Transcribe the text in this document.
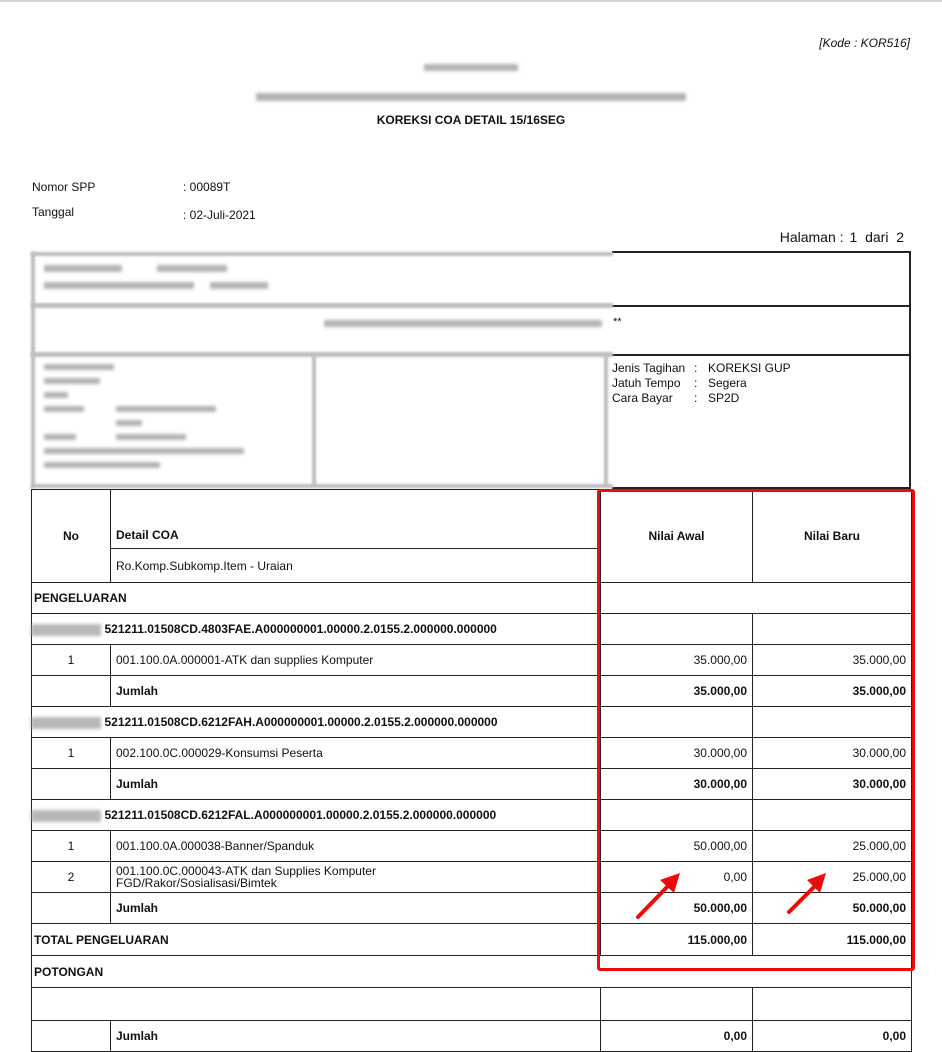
[Kode : KOR516]
KOREKSI COA DETAIL 15/16SEG
Nomor SPP	: 00089T
Tanggal	: 02-Juli-2021
Halaman : 1  dari  2
**
Jenis Tagihan : KOREKSI GUP
Jatuh Tempo	: Segera
Cara Bayar	: SP2D
No	Detail COA	Nilai Awal	Nilai Baru
	Ro.Komp.Subkomp.Item - Uraian		
PENGELUARAN			
	521211.01508CD.4803FAE.A000000001.00000.2.0155.2.000000.000000		
1	001.100.0A.000001-ATK dan supplies Komputer	35.000,00	35.000,00
	Jumlah	35.000,00	35.000,00
	521211.01508CD.6212FAH.A000000001.00000.2.0155.2.000000.000000		
1	002.100.0C.000029-Konsumsi Peserta	30.000,00	30.000,00
	Jumlah	30.000,00	30.000,00
	521211.01508CD.6212FAL.A000000001.00000.2.0155.2.000000.000000		
1	001.100.0A.000038-Banner/Spanduk	50.000,00	25.000,00
2	001.100.0C.000043-ATK dan Supplies Komputer
FGD/Rakor/Sosialisasi/Bimtek	0,00	25.000,00
	Jumlah	50.000,00	50.000,00
TOTAL PENGELUARAN		115.000,00	115.000,00
POTONGAN			

	Jumlah	0,00	0,00
